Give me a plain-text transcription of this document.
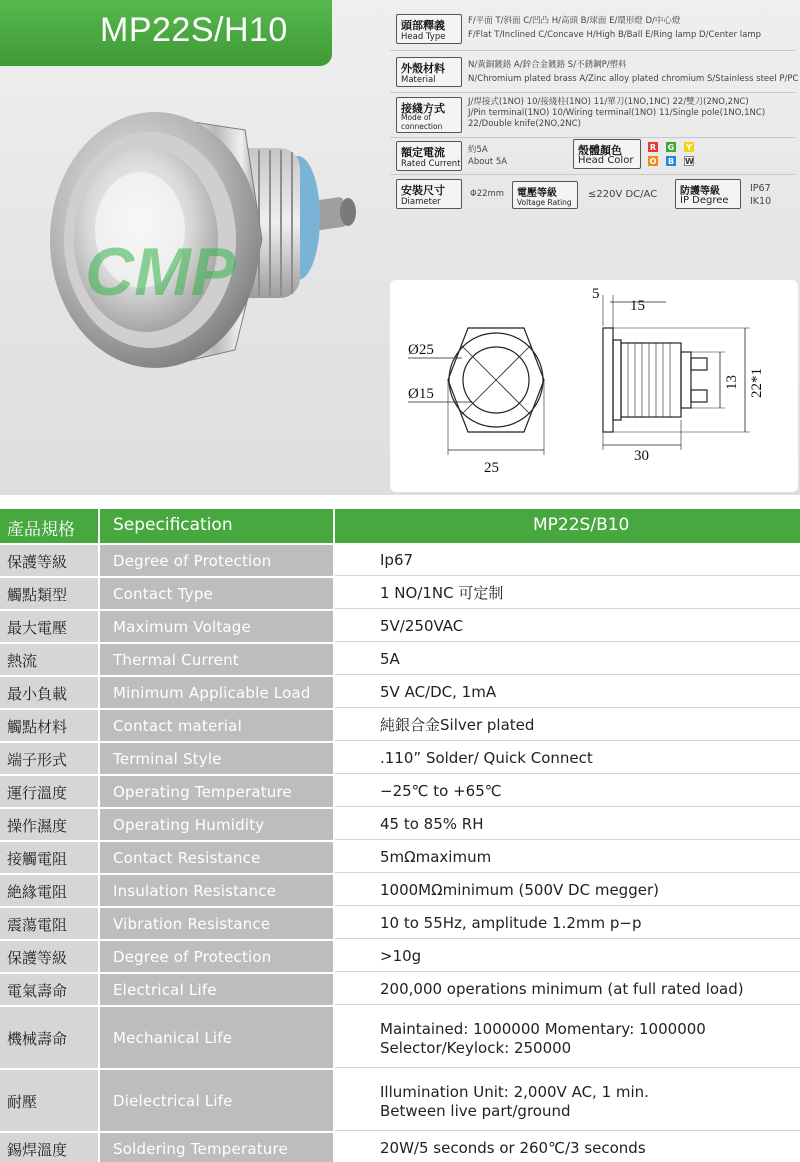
MP22S/H10
CMP
頭部釋義
Head Type
F/平面 T/斜面 C/凹凸 H/高頭 B/球面 E/環形燈 D/中心燈
F/Flat T/Inclined C/Concave H/High B/Ball E/Ring lamp D/Center lamp
外殼材料
Material
N/黃銅鍍鉻 A/鋅合金鍍鉻 S/不銹鋼P/塑料
N/Chromium plated brass A/Zinc alloy plated chromium S/Stainless steel P/PC
接綫方式
Mode of
connection
J/焊接式(1NO) 10/接綫柱(1NO) 11/單刀(1NO,1NC) 22/雙刀(2NO,2NC)
J/Pin terminal(1NO) 10/Wiring terminal(1NO) 11/Single pole(1NO,1NC)
22/Double knife(2NO,2NC)
額定電流
Rated Current
約5A
About 5A
殼體顏色
Head Color
R G Y
O B W
安裝尺寸
Diameter
Φ22mm 電壓等級
Voltage Rating
≤220V DC/AC 防護等級
IP Degree
IP67
IK10
Ø25
Ø15
25
5
15
30
13 22*1
產品規格 Sepecification	MP22S/B10
保護等級	Degree of Protection	Ip67
觸點類型	Contact Type	1 NO/1NC 可定制
最大電壓	Maximum Voltage	5V/250VAC
熱流	Thermal Current	5A
最小負載	Minimum Applicable Load	5V AC/DC, 1mA
觸點材料	Contact material	純銀合金Silver plated
端子形式	Terminal Style	.110” Solder/ Quick Connect
運行溫度	Operating Temperature	−25℃ to +65℃
操作濕度	Operating Humidity	45 to 85% RH
接觸電阻	Contact Resistance	5mΩmaximum
絶緣電阻	Insulation Resistance	1000MΩminimum (500V DC megger)
震蕩電阻	Vibration Resistance	10 to 55Hz, amplitude 1.2mm p−p
保護等級	Degree of Protection	>10g
電氣壽命	Electrical Life	200,000 operations minimum (at full rated load)
機械壽命	Mechanical Life	Maintained: 1000000 Momentary: 1000000
Selector/Keylock: 250000
耐壓	Dielectrical Life	Illumination Unit: 2,000V AC, 1 min.
Between live part/ground
錫焊溫度	Soldering Temperature	20W/5 seconds or 260℃/3 seconds
